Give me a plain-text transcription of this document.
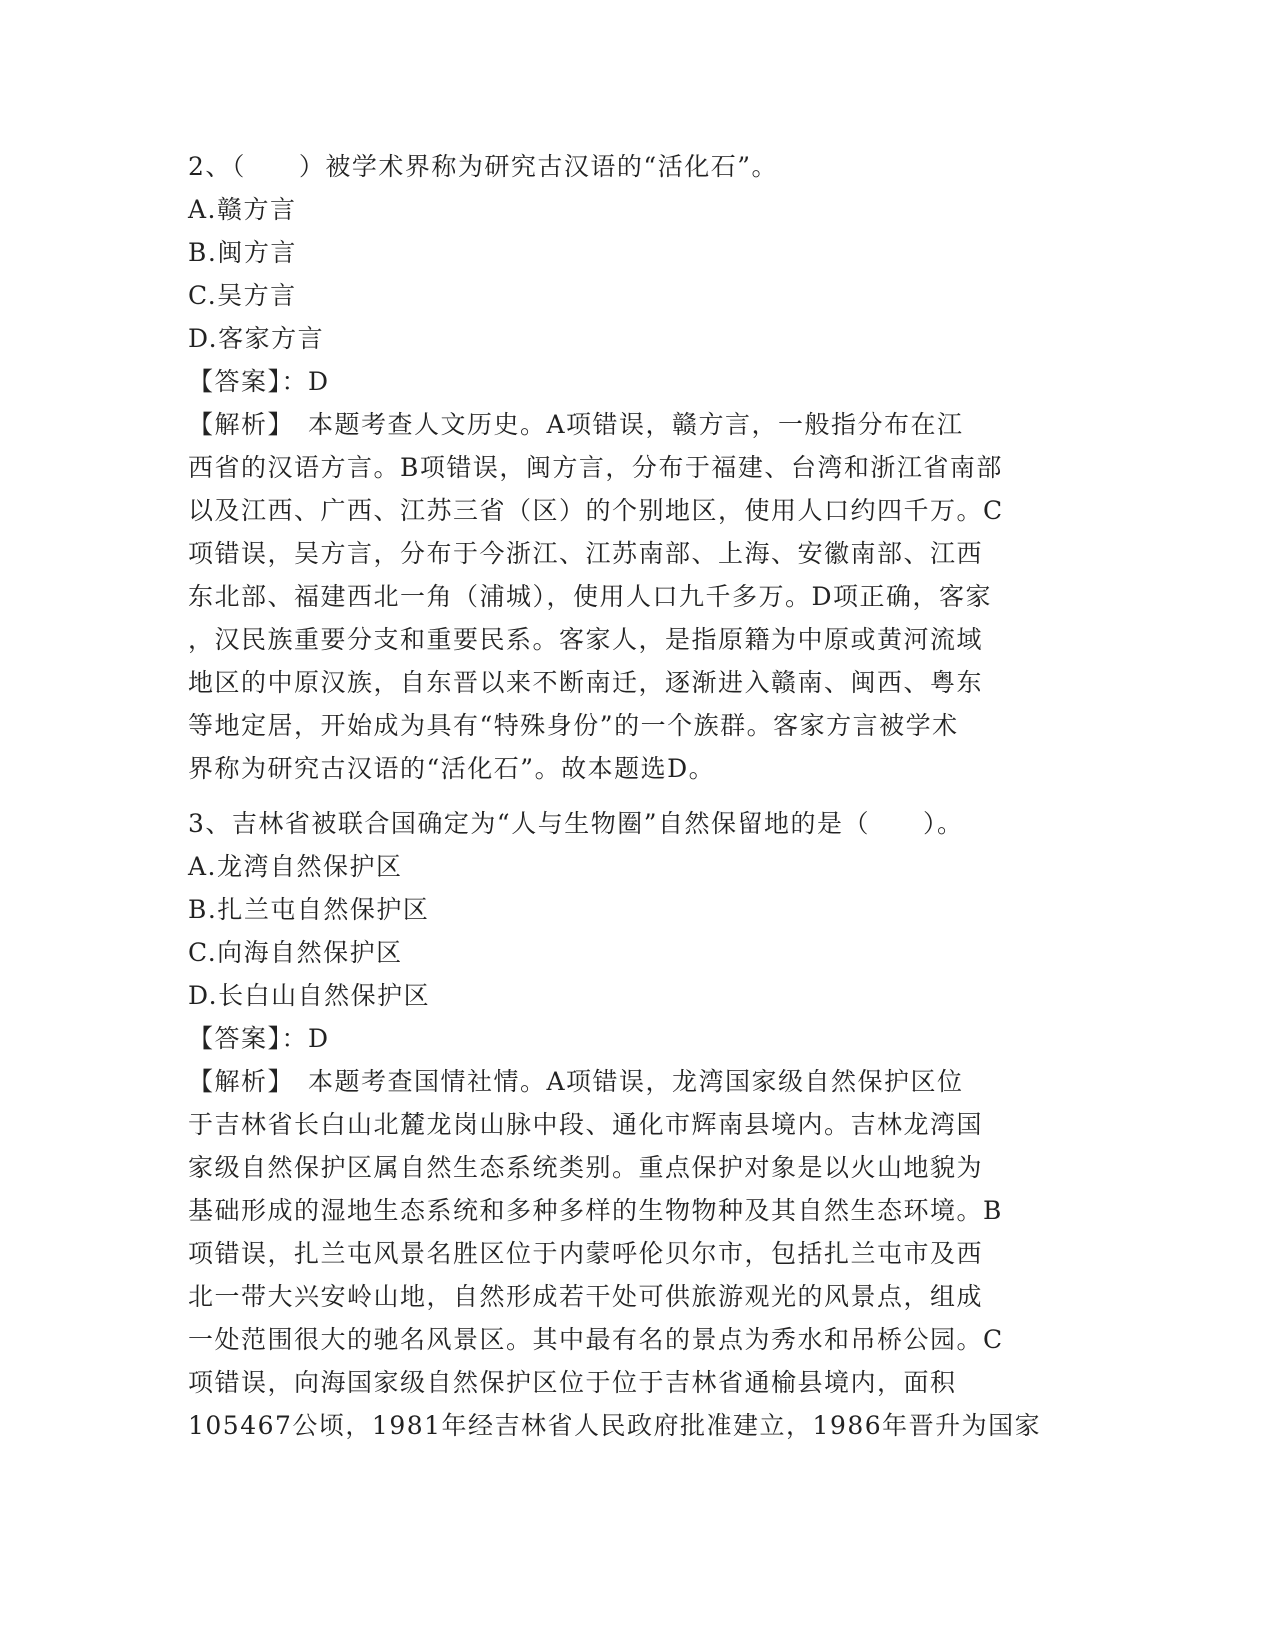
2、（　　）被学术界称为研究古汉语的“活化石”。
A.赣方言
B.闽方言
C.吴方言
D.客家方言
【答案】：D
【解析】　本题考查人文历史。A项错误，赣方言，一般指分布在江
西省的汉语方言。B项错误，闽方言，分布于福建、台湾和浙江省南部
以及江西、广西、江苏三省（区）的个别地区，使用人口约四千万。C
项错误，吴方言，分布于今浙江、江苏南部、上海、安徽南部、江西
东北部、福建西北一角（浦城），使用人口九千多万。D项正确，客家
，汉民族重要分支和重要民系。客家人，是指原籍为中原或黄河流域
地区的中原汉族，自东晋以来不断南迁，逐渐进入赣南、闽西、粤东
等地定居，开始成为具有“特殊身份”的一个族群。客家方言被学术
界称为研究古汉语的“活化石”。故本题选D。
3、吉林省被联合国确定为“人与生物圈”自然保留地的是（　　）。
A.龙湾自然保护区
B.扎兰屯自然保护区
C.向海自然保护区
D.长白山自然保护区
【答案】：D
【解析】　本题考查国情社情。A项错误，龙湾国家级自然保护区位
于吉林省长白山北麓龙岗山脉中段、通化市辉南县境内。吉林龙湾国
家级自然保护区属自然生态系统类别。重点保护对象是以火山地貌为
基础形成的湿地生态系统和多种多样的生物物种及其自然生态环境。B
项错误，扎兰屯风景名胜区位于内蒙呼伦贝尔市，包括扎兰屯市及西
北一带大兴安岭山地，自然形成若干处可供旅游观光的风景点，组成
一处范围很大的驰名风景区。其中最有名的景点为秀水和吊桥公园。C
项错误，向海国家级自然保护区位于位于吉林省通榆县境内，面积
105467公顷，1981年经吉林省人民政府批准建立，1986年晋升为国家
